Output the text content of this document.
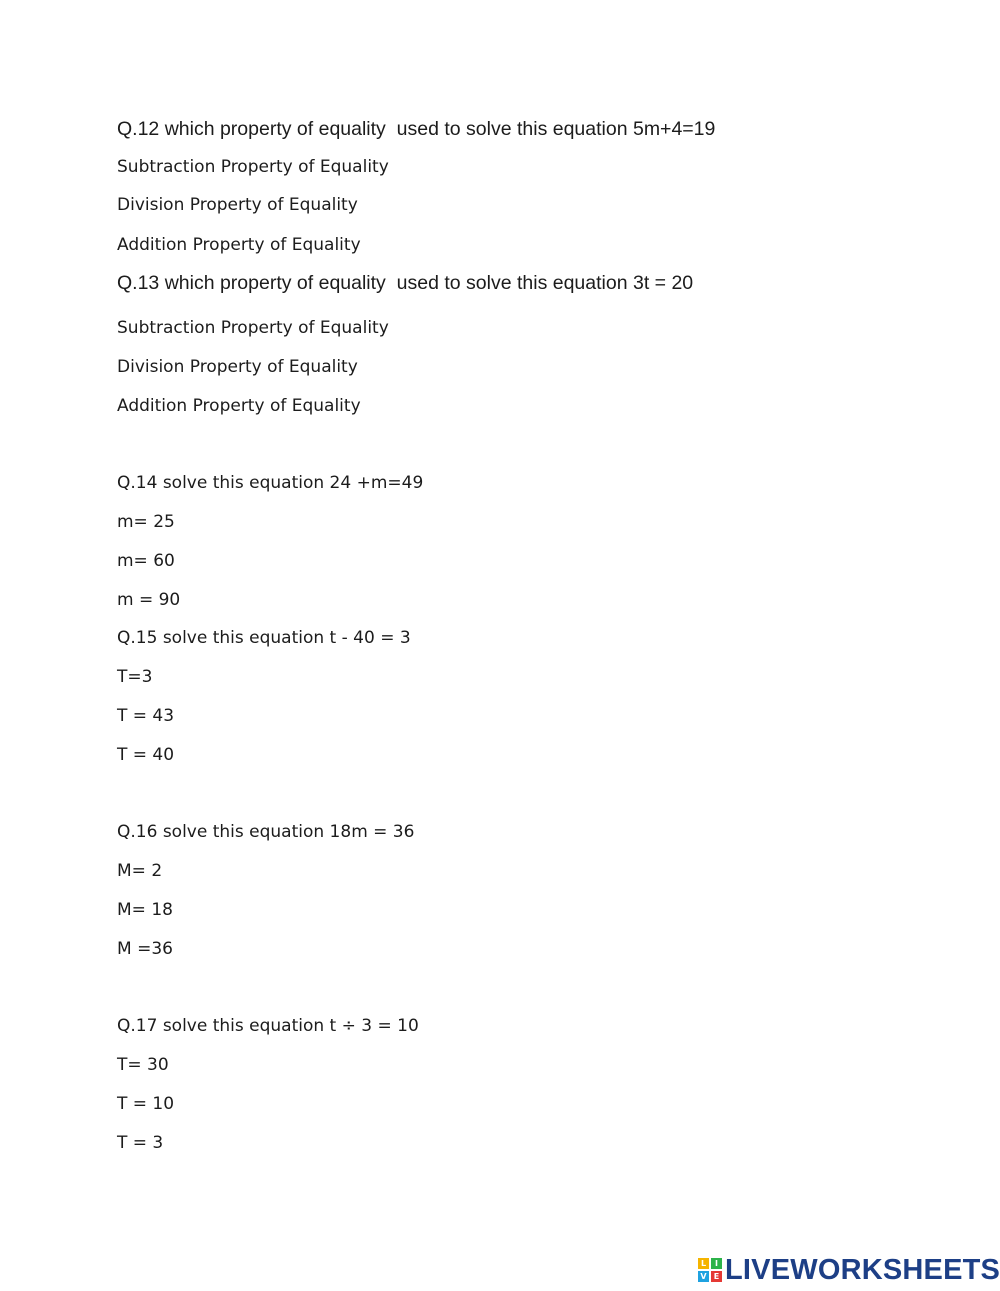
Q.12 which property of equality  used to solve this equation 5m+4=19
Subtraction Property of Equality
Division Property of Equality
Addition Property of Equality
Q.13 which property of equality  used to solve this equation 3t = 20
Subtraction Property of Equality
Division Property of Equality
Addition Property of Equality
Q.14 solve this equation 24 +m=49
m= 25
m= 60
m = 90
Q.15 solve this equation t - 40 = 3
T=3
T = 43
T = 40
Q.16 solve this equation 18m = 36
M= 2
M= 18
M =36
Q.17 solve this equation t ÷ 3 = 10
T= 30
T = 10
T = 3
L	I
V E LIVEWORKSHEETS
